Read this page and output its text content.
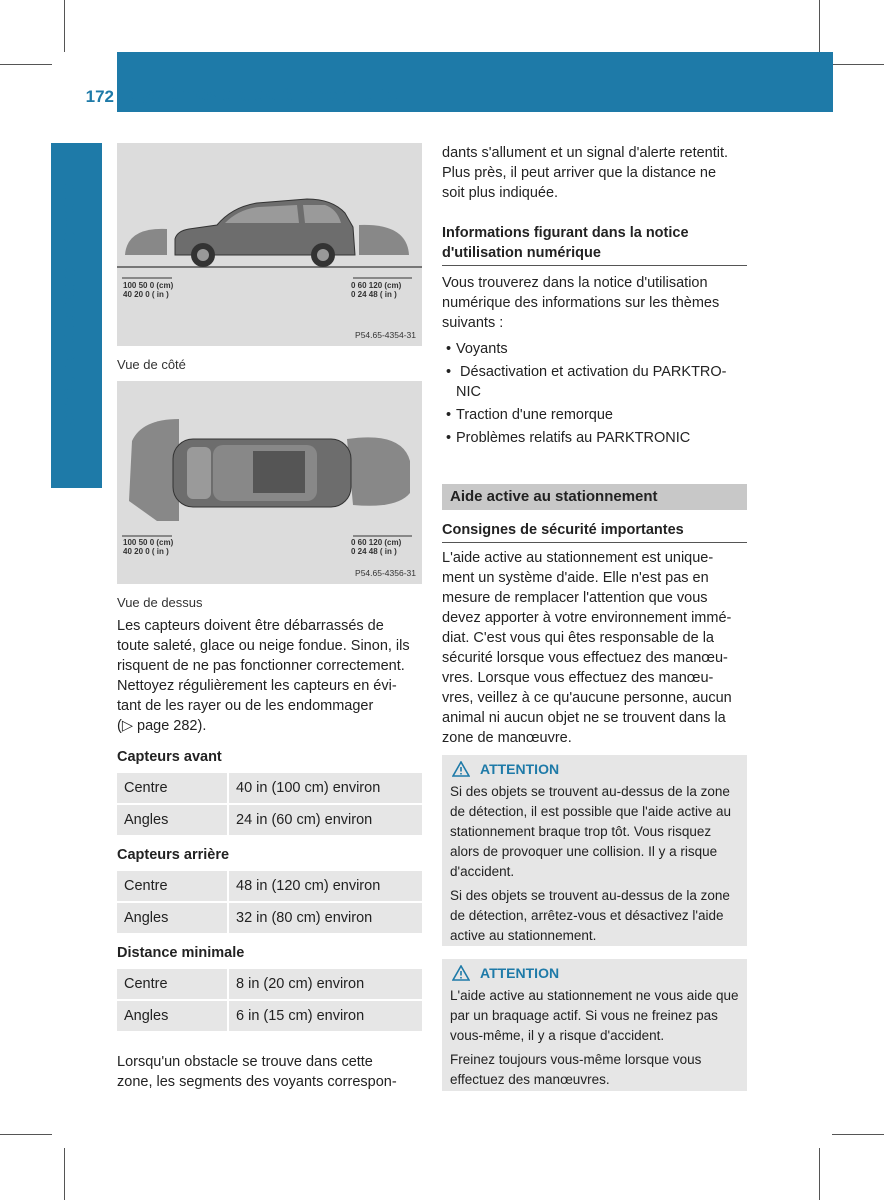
172 Systèmes d'aide à la conduite
100 50 0 (cm)
40 20 0 ( in )
0 60 120 (cm)
0 24 48 ( in )
P54.65-4354-31
Vue de côté
100 50 0 (cm)
40 20 0 ( in )
0 60 120 (cm)
0 24 48 ( in )
P54.65-4356-31
Vue de dessus

Les capteurs doivent être débarrassés de

toute saleté, glace ou neige fondue. Sinon, ils

risquent de ne pas fonctionner correctement.

Nettoyez régulièrement les capteurs en évi-

tant de les rayer ou de les endommager

(▷ page 282).

Capteurs avant
Centre	40 in (100 cm) environ
Angles	24 in (60 cm) environ
Capteurs arrière
Centre	48 in (120 cm) environ
Angles	32 in (80 cm) environ
Distance minimale
Centre	8 in (20 cm) environ
Angles	6 in (15 cm) environ

Lorsqu'un obstacle se trouve dans cette

zone, les segments des voyants correspon-

dants s'allument et un signal d'alerte retentit.

Plus près, il peut arriver que la distance ne

soit plus indiquée.

Informations figurant dans la notice
d'utilisation numérique

Vous trouverez dans la notice d'utilisation

numérique des informations sur les thèmes

suivants :

• Voyants
• Désactivation et activation du PARKTRO-NIC
• Traction d'une remorque
• Problèmes relatifs au PARKTRONIC
Aide active au stationnement
Consignes de sécurité importantes

L'aide active au stationnement est unique-

ment un système d'aide. Elle n'est pas en

mesure de remplacer l'attention que vous

devez apporter à votre environnement immé-

diat. C'est vous qui êtes responsable de la

sécurité lorsque vous effectuez des manœu-

vres. Lorsque vous effectuez des manœu-

vres, veillez à ce qu'aucune personne, aucun

animal ni aucun objet ne se trouvent dans la

zone de manœuvre.

ATTENTION

Si des objets se trouvent au-dessus de la zone de détection, il est possible que l'aide active au stationnement braque trop tôt. Vous risquez alors de provoquer une collision. Il y a risque d'accident.

Si des objets se trouvent au-dessus de la zone de détection, arrêtez-vous et désactivez l'aide active au stationnement.

ATTENTION

L'aide active au stationnement ne vous aide que par un braquage actif. Si vous ne freinez pas vous-même, il y a risque d'accident.

Freinez toujours vous-même lorsque vous effectuez des manœuvres.
